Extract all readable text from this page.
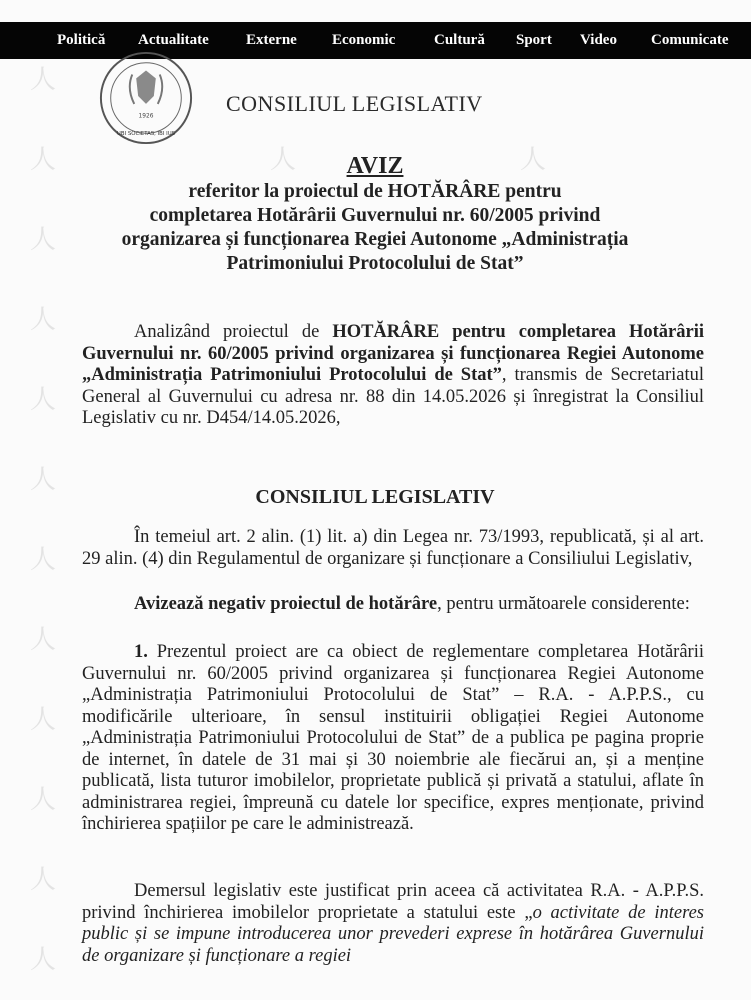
Politică Actualitate Externe Economic	Cultură Sport Video Comunicate
人
人	人	人
人
人
人
人
人
人
人
人
人
人
1926
UBI SOCIETAS, IBI IUS
CONSILIUL LEGISLATIV
AVIZ
referitor la proiectul de HOTĂRÂRE pentru
completarea Hotărârii Guvernului nr. 60/2005 privind
organizarea și funcționarea Regiei Autonome „Administrația
Patrimoniului Protocolului de Stat”

Analizând proiectul de HOTĂRÂRE pentru completarea Hotărârii Guvernului nr. 60/2005 privind organizarea și funcționarea Regiei Autonome „Administrația Patrimoniului Protocolului de Stat”, transmis de Secretariatul General al Guvernului cu adresa nr. 88 din 14.05.2026 și înregistrat la Consiliul Legislativ cu nr. D454/14.05.2026,

CONSILIUL LEGISLATIV

În temeiul art. 2 alin. (1) lit. a) din Legea nr. 73/1993, republicată, și al art. 29 alin. (4) din Regulamentul de organizare și funcționare a Consiliului Legislativ,

Avizează negativ proiectul de hotărâre, pentru următoarele considerente:

1. Prezentul proiect are ca obiect de reglementare completarea Hotărârii Guvernului nr. 60/2005 privind organizarea și funcționarea Regiei Autonome „Administrația Patrimoniului Protocolului de Stat” – R.A. - A.P.P.S., cu modificările ulterioare, în sensul instituirii obligației Regiei Autonome „Administrația Patrimoniului Protocolului de Stat” de a publica pe pagina proprie de internet, în datele de 31 mai și 30 noiembrie ale fiecărui an, și a menține publicată, lista tuturor imobilelor, proprietate publică și privată a statului, aflate în administrarea regiei, împreună cu datele lor specifice, expres menționate, privind închirierea spațiilor pe care le administrează.

Demersul legislativ este justificat prin aceea că activitatea R.A. - A.P.P.S. privind închirierea imobilelor proprietate a statului este „o activitate de interes public și se impune introducerea unor prevederi exprese în hotărârea Guvernului de organizare și funcționare a regiei
